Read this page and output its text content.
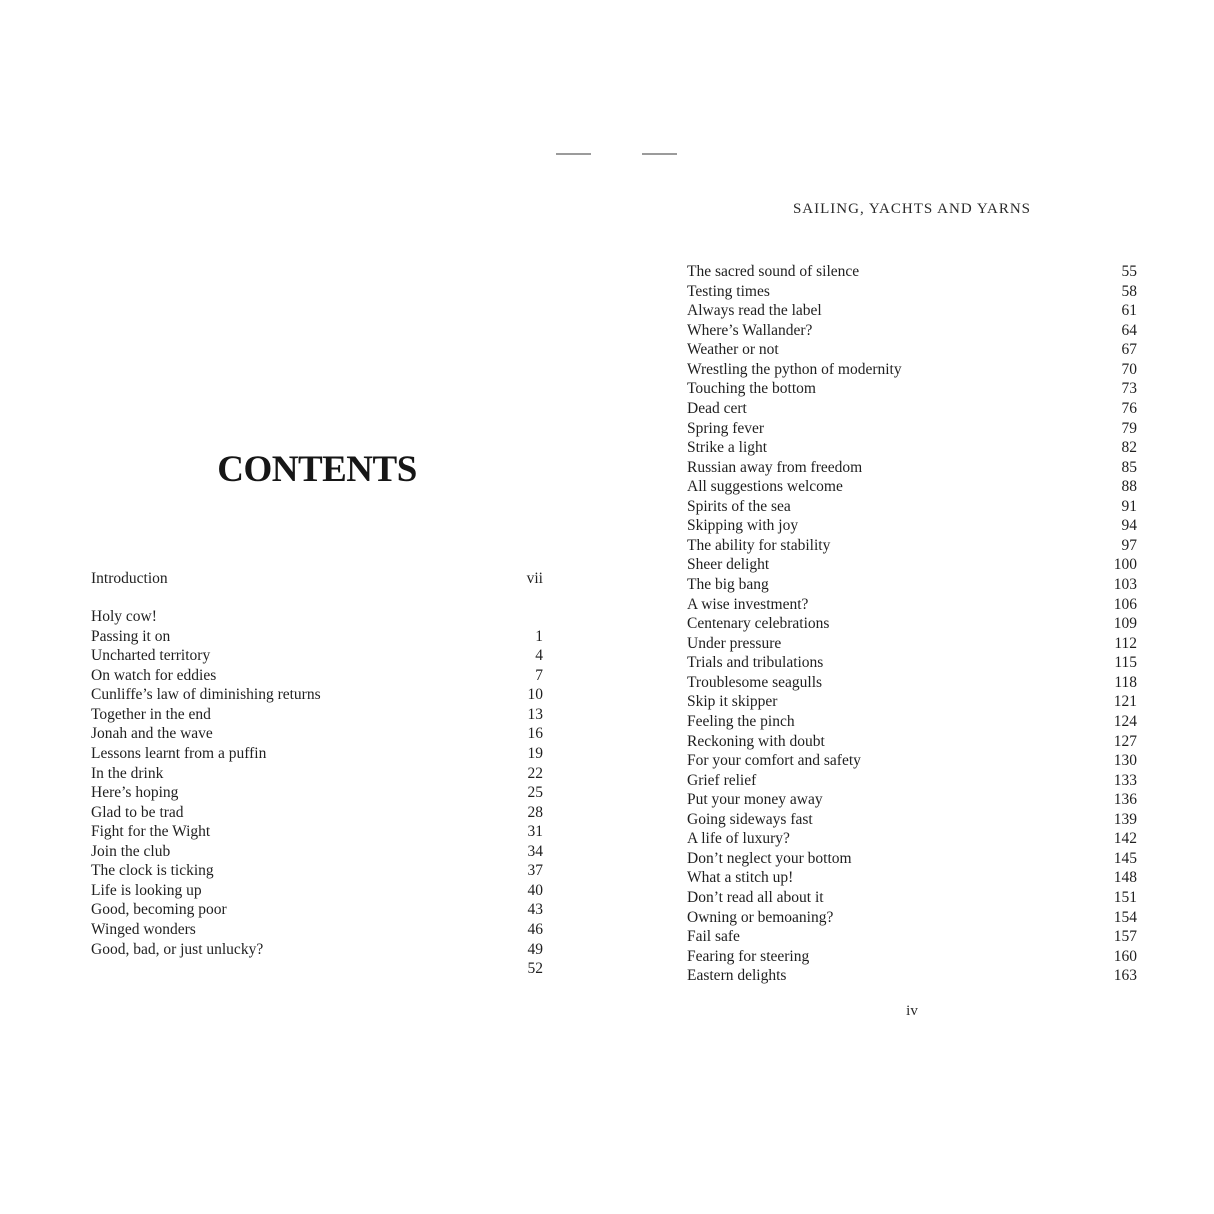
SAILING, YACHTS AND YARNS
CONTENTS
Introduction	vii
Holy cow!
Passing it on	1
Uncharted territory	4
On watch for eddies	7
Cunliffe’s law of diminishing returns	10
Together in the end	13
Jonah and the wave	16
Lessons learnt from a puffin	19
In the drink	22
Here’s hoping	25
Glad to be trad	28
Fight for the Wight	31
Join the club	34
The clock is ticking	37
Life is looking up	40
Good, becoming poor	43
Winged wonders	46
Good, bad, or just unlucky?	49
52
The sacred sound of silence	55
Testing times	58
Always read the label	61
Where’s Wallander?	64
Weather or not	67
Wrestling the python of modernity	70
Touching the bottom	73
Dead cert	76
Spring fever	79
Strike a light	82
Russian away from freedom	85
All suggestions welcome	88
Spirits of the sea	91
Skipping with joy	94
The ability for stability	97
Sheer delight	100
The big bang	103
A wise investment?	106
Centenary celebrations	109
Under pressure	112
Trials and tribulations	115
Troublesome seagulls	118
Skip it skipper	121
Feeling the pinch	124
Reckoning with doubt	127
For your comfort and safety	130
Grief relief	133
Put your money away	136
Going sideways fast	139
A life of luxury?	142
Don’t neglect your bottom	145
What a stitch up!	148
Don’t read all about it	151
Owning or bemoaning?	154
Fail safe	157
Fearing for steering	160
Eastern delights	163
iv
